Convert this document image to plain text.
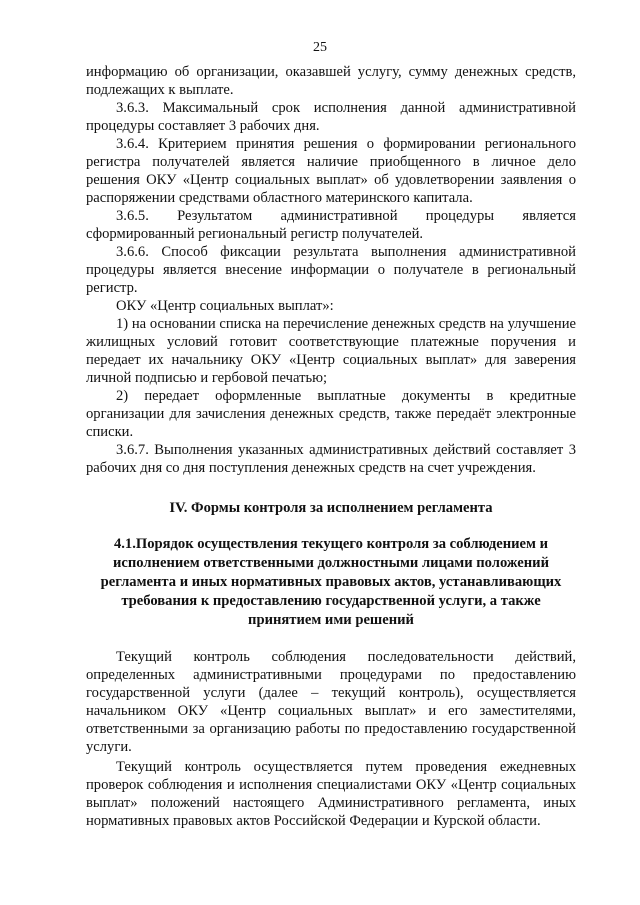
25

информацию об организации, оказавшей услугу, сумму денежных средств, подлежащих к выплате.

3.6.3. Максимальный срок исполнения данной административной процедуры составляет 3 рабочих дня.

3.6.4. Критерием принятия решения о формировании регионального регистра получателей является наличие приобщенного в личное дело решения ОКУ «Центр социальных выплат» об удовлетворении заявления о распоряжении средствами областного материнского капитала.

3.6.5. Результатом административной процедуры является сформированный региональный регистр получателей.

3.6.6. Способ фиксации результата выполнения административной процедуры является внесение информации о получателе в региональный регистр.

ОКУ «Центр социальных выплат»:

1) на основании списка на перечисление денежных средств на улучшение жилищных условий готовит соответствующие платежные поручения и передает их начальнику ОКУ «Центр социальных выплат» для заверения личной подписью и гербовой печатью;

2) передает оформленные выплатные документы в кредитные организации для зачисления денежных средств, также передаёт электронные списки.

3.6.7. Выполнения указанных административных действий составляет 3 рабочих дня со дня поступления денежных средств на счет учреждения.

IV. Формы контроля за исполнением регламента

4.1.Порядок осуществления текущего контроля за соблюдением и исполнением ответственными должностными лицами положений регламента и иных нормативных правовых актов, устанавливающих требования к предоставлению государственной услуги, а также принятием ими решений

Текущий контроль соблюдения последовательности действий, определенных административными процедурами по предоставлению государственной услуги (далее – текущий контроль), осуществляется начальником ОКУ «Центр социальных выплат» и его заместителями, ответственными за организацию работы по предоставлению государственной услуги.

Текущий контроль осуществляется путем проведения ежедневных проверок соблюдения и исполнения специалистами ОКУ «Центр социальных выплат» положений настоящего Административного регламента, иных нормативных правовых актов Российской Федерации и Курской области.
